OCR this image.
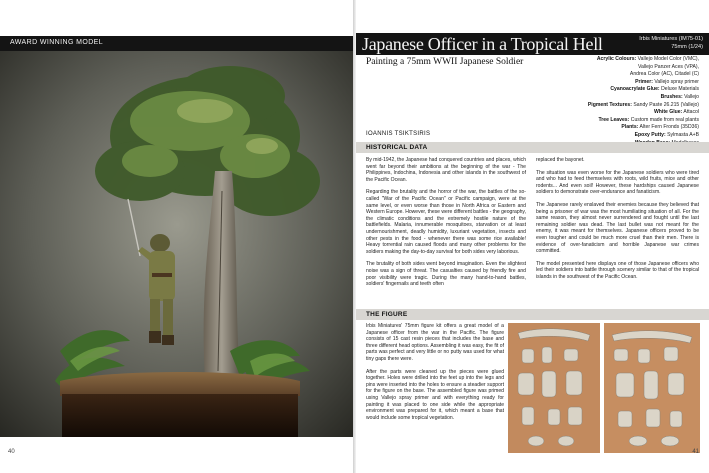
AWARD WINNING MODEL
40
Japanese Officer in a Tropical Hell	Irbis Miniatures (IM75-01)
75mm (1/24)
Painting a 75mm WWII Japanese Soldier	Acrylic Colours: Vallejo Model Color (VMC),
Vallejo Panzer Aces (VPA),
Andrea Color (AC), Citadel (C)
Primer: Vallejo spray primer
Cyanoacrylate Glue: Deluxe Materials
Brushes: Vallejo
Pigment Textures: Sandy Paste 26.215 (Vallejo)
White Glue: Attacol
Tree Leaves: Custom made from real plants
Plants: Alter Fern Fronds (35D36)
Epoxy Putty: Sylmasta A+B
IOANNIS TSIKTSIRIS
HISTORICAL DATA

By mid-1942, the Japanese had conquered countries and places, which went far beyond their ambitions at the beginning of the war - The Philippines, Indochina, Indonesia and other islands in the southwest of the Pacific Ocean.

Regarding the brutality and the horror of the war, the battles of the so-called "War of the Pacific Ocean" or Pacific campaign, were at the same level, or even worse than those in North Africa or Eastern and Western Europe. However, these were different battles - the geography, the climatic conditions and the extremely hostile nature of the battlefields. Malaria, innumerable mosquitoes, starvation or at least undernourishment, deadly humidity, luxuriant vegetation, insects and other pests in the food - whenever there was some rice available! Heavy torrential rain caused floods and many other problems for the soldiers making the day-to-day survival for both sides very laborious.

The brutality of both sides went beyond imagination. Even the slightest noise was a sign of threat. The casualties caused by friendly fire and poor visibility were tragic. During the many hand-to-hand battles, soldiers' fingernails and teeth often

replaced the bayonet.

The situation was even worse for the Japanese soldiers who were tired and who had to feed themselves with roots, wild fruits, mice and other rodents... And even soil! However, these hardships caused Japanese soldiers to demonstrate over-endurance and fanaticism.

The Japanese rarely enslaved their enemies because they believed that being a prisoner of war was the most humiliating situation of all. For the same reason, they almost never surrendered and fought until the last remaining soldier was dead. The last bullet was not meant for the enemy, it was meant for themselves. Japanese officers proved to be even tougher and could be much more cruel than their men. There is evidence of over-fanaticism and horrible Japanese war crimes committed.

The model presented here displays one of those Japanese officers who led their soldiers into battle through scenery similar to that of the tropical islands in the southwest of the Pacific Ocean.

THE FIGURE

Irbis Miniatures' 75mm figure kit offers a great model of a Japanese officer from the war in the Pacific. The figure consists of 15 cast resin pieces that includes the base and three different head options. Assembling it was easy, the fit of parts was perfect and very little or no putty was used for what tiny gaps there were.

After the parts were cleaned up the pieces were glued together. Holes were drilled into the feet up into the legs and pins were inserted into the holes to ensure a steadier support for the figure on the base. The assembled figure was primed using Vallejo spray primer and with everything ready for painting it was placed to one side while the appropriate environment was prepared for it, which meant a base that would include some tropical vegetation.

41
